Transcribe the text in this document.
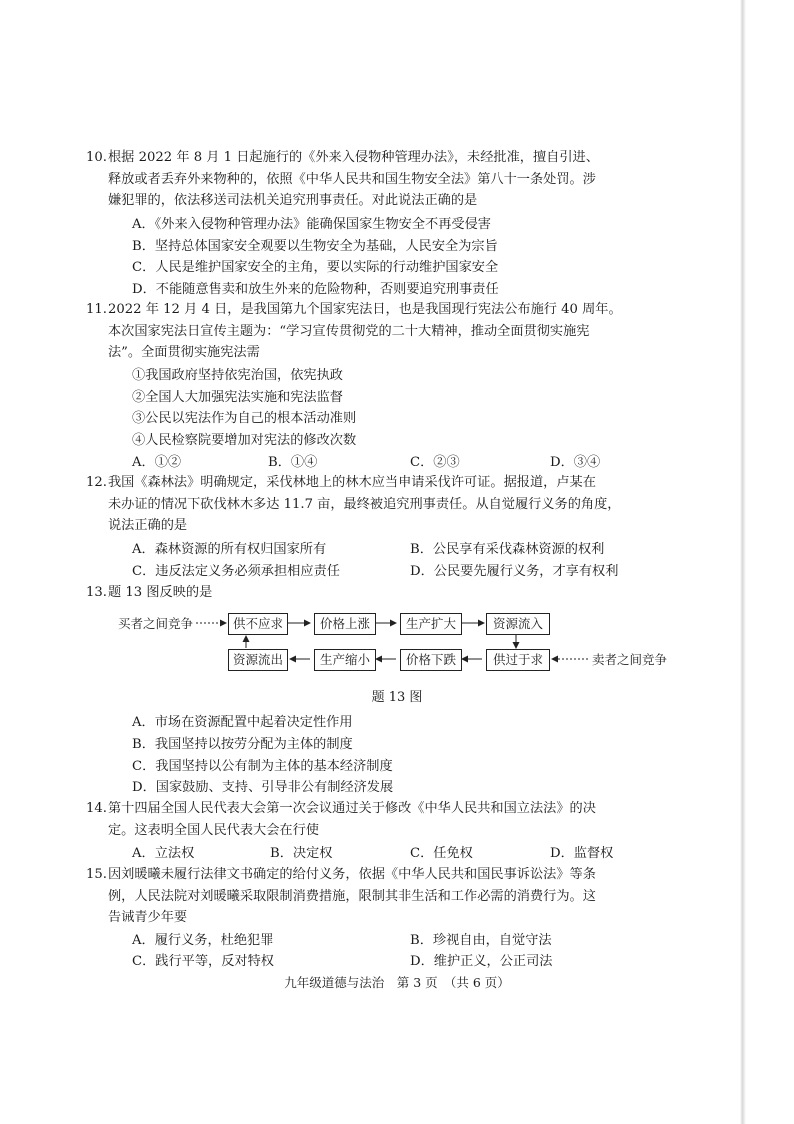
10. 根据 2022 年 8 月 1 日起施行的《外来入侵物种管理办法》，未经批准，擅自引进、
释放或者丢弃外来物种的，依照《中华人民共和国生物安全法》第八十一条处罚。涉
嫌犯罪的，依法移送司法机关追究刑事责任。对此说法正确的是
A．《外来入侵物种管理办法》能确保国家生物安全不再受侵害
B．坚持总体国家安全观要以生物安全为基础，人民安全为宗旨
C．人民是维护国家安全的主角，要以实际的行动维护国家安全
D．不能随意售卖和放生外来的危险物种，否则要追究刑事责任
11. 2022 年 12 月 4 日，是我国第九个国家宪法日，也是我国现行宪法公布施行 40 周年。
本次国家宪法日宣传主题为：“学习宣传贯彻党的二十大精神，推动全面贯彻实施宪
法”。全面贯彻实施宪法需
①我国政府坚持依宪治国，依宪执政
②全国人大加强宪法实施和宪法监督
③公民以宪法作为自己的根本活动准则
④人民检察院要增加对宪法的修改次数
A．①②	B．①④	C．②③	D．③④
12. 我国《森林法》明确规定，采伐林地上的林木应当申请采伐许可证。据报道，卢某在
未办证的情况下砍伐林木多达 11.7 亩，最终被追究刑事责任。从自觉履行义务的角度，
说法正确的是
A．森林资源的所有权归国家所有	B．公民享有采伐森林资源的权利
C．违反法定义务必须承担相应责任	D．公民要先履行义务，才享有权利
13. 题 13 图反映的是
买者之间竞争	供不应求	价格上涨	生产扩大	资源流入
资源流出	生产缩小	价格下跌	供过于求	卖者之间竞争
题 13 图
A．市场在资源配置中起着决定性作用
B．我国坚持以按劳分配为主体的制度
C．我国坚持以公有制为主体的基本经济制度
D．国家鼓励、支持、引导非公有制经济发展
14. 第十四届全国人民代表大会第一次会议通过关于修改《中华人民共和国立法法》的决
定。这表明全国人民代表大会在行使
A．立法权	B．决定权	C．任免权	D．监督权
15. 因刘暖曦未履行法律文书确定的给付义务，依据《中华人民共和国民事诉讼法》等条
例，人民法院对刘暖曦采取限制消费措施，限制其非生活和工作必需的消费行为。这
告诫青少年要
A．履行义务，杜绝犯罪	B．珍视自由，自觉守法
C．践行平等，反对特权	D．维护正义，公正司法
九年级道德与法治　第 3 页　（共 6 页）
